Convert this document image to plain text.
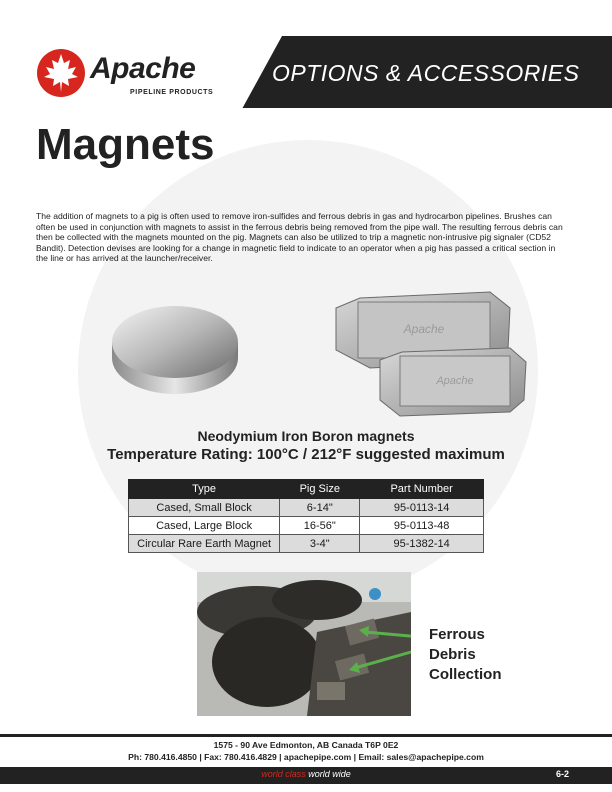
Apache
PIPELINE PRODUCTS
OPTIONS & ACCESSORIES
Magnets
The addition of magnets to a pig is often used to remove iron-sulfides and ferrous debris in gas and hydrocarbon pipelines. Brushes can often be used in conjunction with magnets to assist in the ferrous debris being removed from the pipe wall. The resulting ferrous debris can then be collected with the magnets mounted on the pig. Magnets can also be utilized to trip a magnetic non-intrusive pig signaler (CD52 Bandit). Detection devises are looking for a change in magnetic field to indicate to an operator when a pig has passed a critical section in the line or has arrived at the launcher/receiver.
Apache
Apache
Neodymium Iron Boron magnets
Temperature Rating: 100°C / 212°F suggested maximum
Type	Pig Size	Part Number
Cased, Small Block	6-14"	95-0113-14
Cased, Large Block	16-56"	95-0113-48
Circular Rare Earth Magnet	3-4"	95-1382-14
Ferrous
Debris
Collection
1575 - 90 Ave Edmonton, AB Canada T6P 0E2
Ph: 780.416.4850 | Fax: 780.416.4829 | apachepipe.com | Email: sales@apachepipe.com
world class world wide	6-2
